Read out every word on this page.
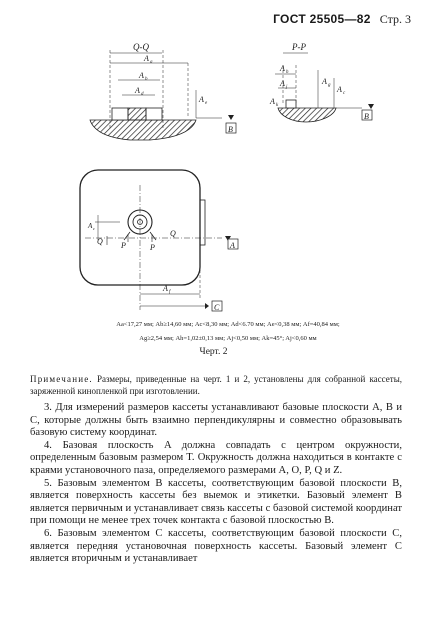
ГОСТ 25505—82 Стр. 3
Q-Q
A a
A b
A d
A e
B
P-P
A h
A j
A k
A g A c
B
A c
Q
Q
P	P	A
A f
C
Aa<17,27 мм; Ab≥14,60 мм; Ac<8,30 мм; Ad<6.70 мм; Ae<0,38 мм; Af=40,84 мм;
Ag≥2,54 мм; Ah=1,02±0,13 мм; Aj<0,50 мм; Ak=45°; Aj<0,60 мм
Черт. 2
Примечание. Размеры, приведенные на черт. 1 и 2, установлены для собранной кассеты, заряженной кинопленкой при изготовлении.

3. Для измерений размеров кассеты устанавливают базовые плоскости A, B и C, которые должны быть взаимно перпендикулярны и совместно образовывать базовую систему координат.

4. Базовая плоскость A должна совпадать с центром окружности, определенным базовым размером T. Окружность должна находиться в контакте с краями установочного паза, определяемого размерами A, O, P, Q и Z.

5. Базовым элементом B кассеты, соответствующим базовой плоскости B, является поверхность кассеты без выемок и этикетки. Базовый элемент B является первичным и устанавливает связь кассеты с базовой системой координат при помощи не менее трех точек контакта с базовой плоскостью B.

6. Базовым элементом C кассеты, соответствующим базовой плоскости C, является передняя установочная поверхность кассеты. Базовый элемент C является вторичным и устанавливает
